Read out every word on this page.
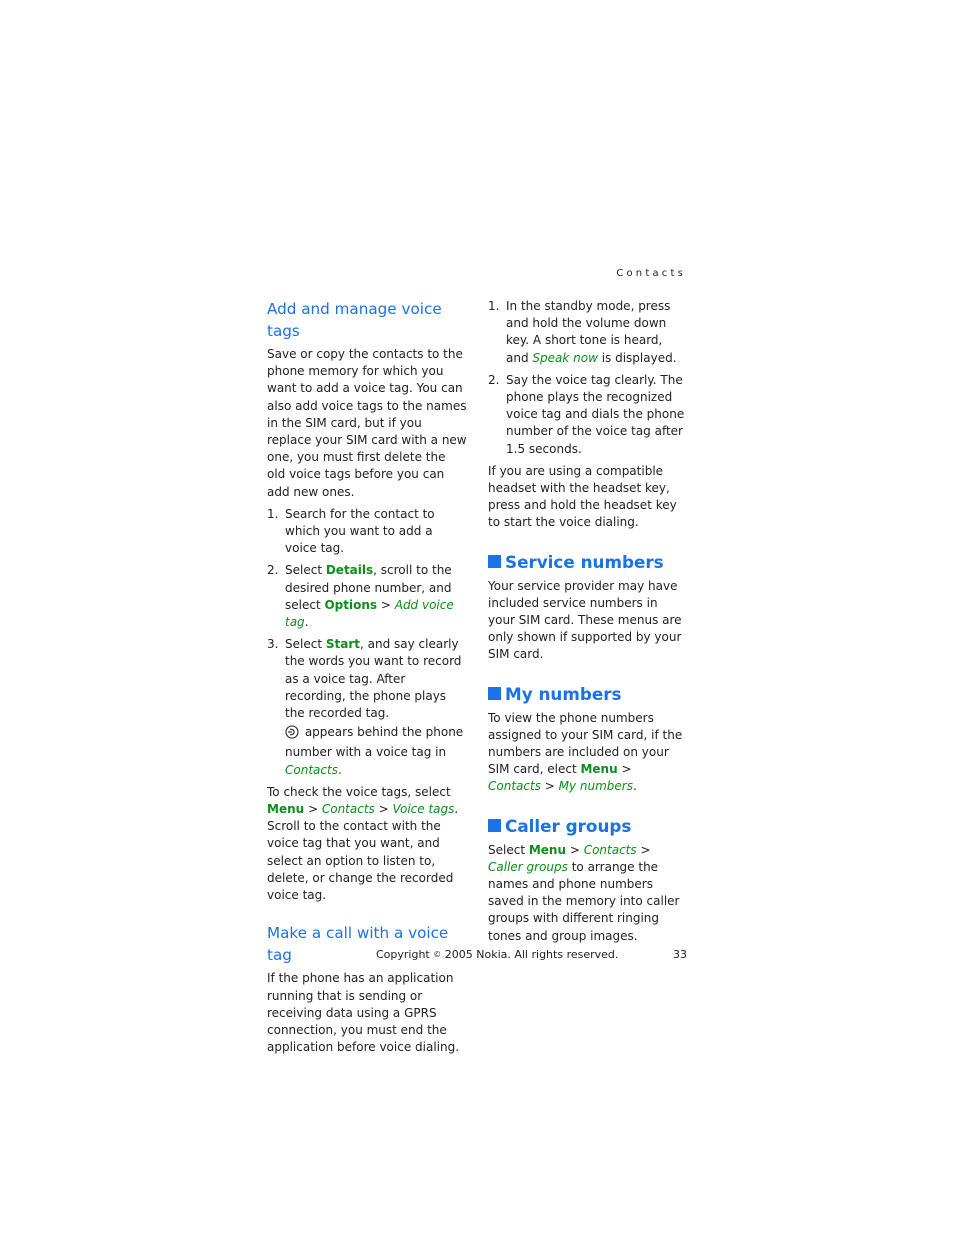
Contacts
Add and manage voice tags

Save or copy the contacts to the phone memory for which you want to add a voice tag. You can also add voice tags to the names in the SIM card, but if you replace your SIM card with a new one, you must first delete the old voice tags before you can add new ones.

1. Search for the contact to which you want to add a voice tag.
2. Select Details, scroll to the desired phone number, and select Options > Add voice tag.
3. Select Start, and say clearly the words you want to record as a voice tag. After recording, the phone plays the recorded tag.
appears behind the phone number with a voice tag in Contacts.

To check the voice tags, select Menu > Contacts > Voice tags. Scroll to the contact with the voice tag that you want, and select an option to listen to, delete, or change the recorded voice tag.

Make a call with a voice tag

If the phone has an application running that is sending or receiving data using a GPRS connection, you must end the application before voice dialing.

1. In the standby mode, press and hold the volume down key. A short tone is heard, and Speak now is displayed.
2. Say the voice tag clearly. The phone plays the recognized voice tag and dials the phone number of the voice tag after 1.5 seconds.

If you are using a compatible headset with the headset key, press and hold the headset key to start the voice dialing.

Service numbers

Your service provider may have included service numbers in your SIM card. These menus are only shown if supported by your SIM card.

My numbers

To view the phone numbers assigned to your SIM card, if the numbers are included on your SIM card, elect Menu > Contacts > My numbers.

Caller groups

Select Menu > Contacts > Caller groups to arrange the names and phone numbers saved in the memory into caller groups with different ringing tones and group images.

Copyright © 2005 Nokia. All rights reserved.	33
